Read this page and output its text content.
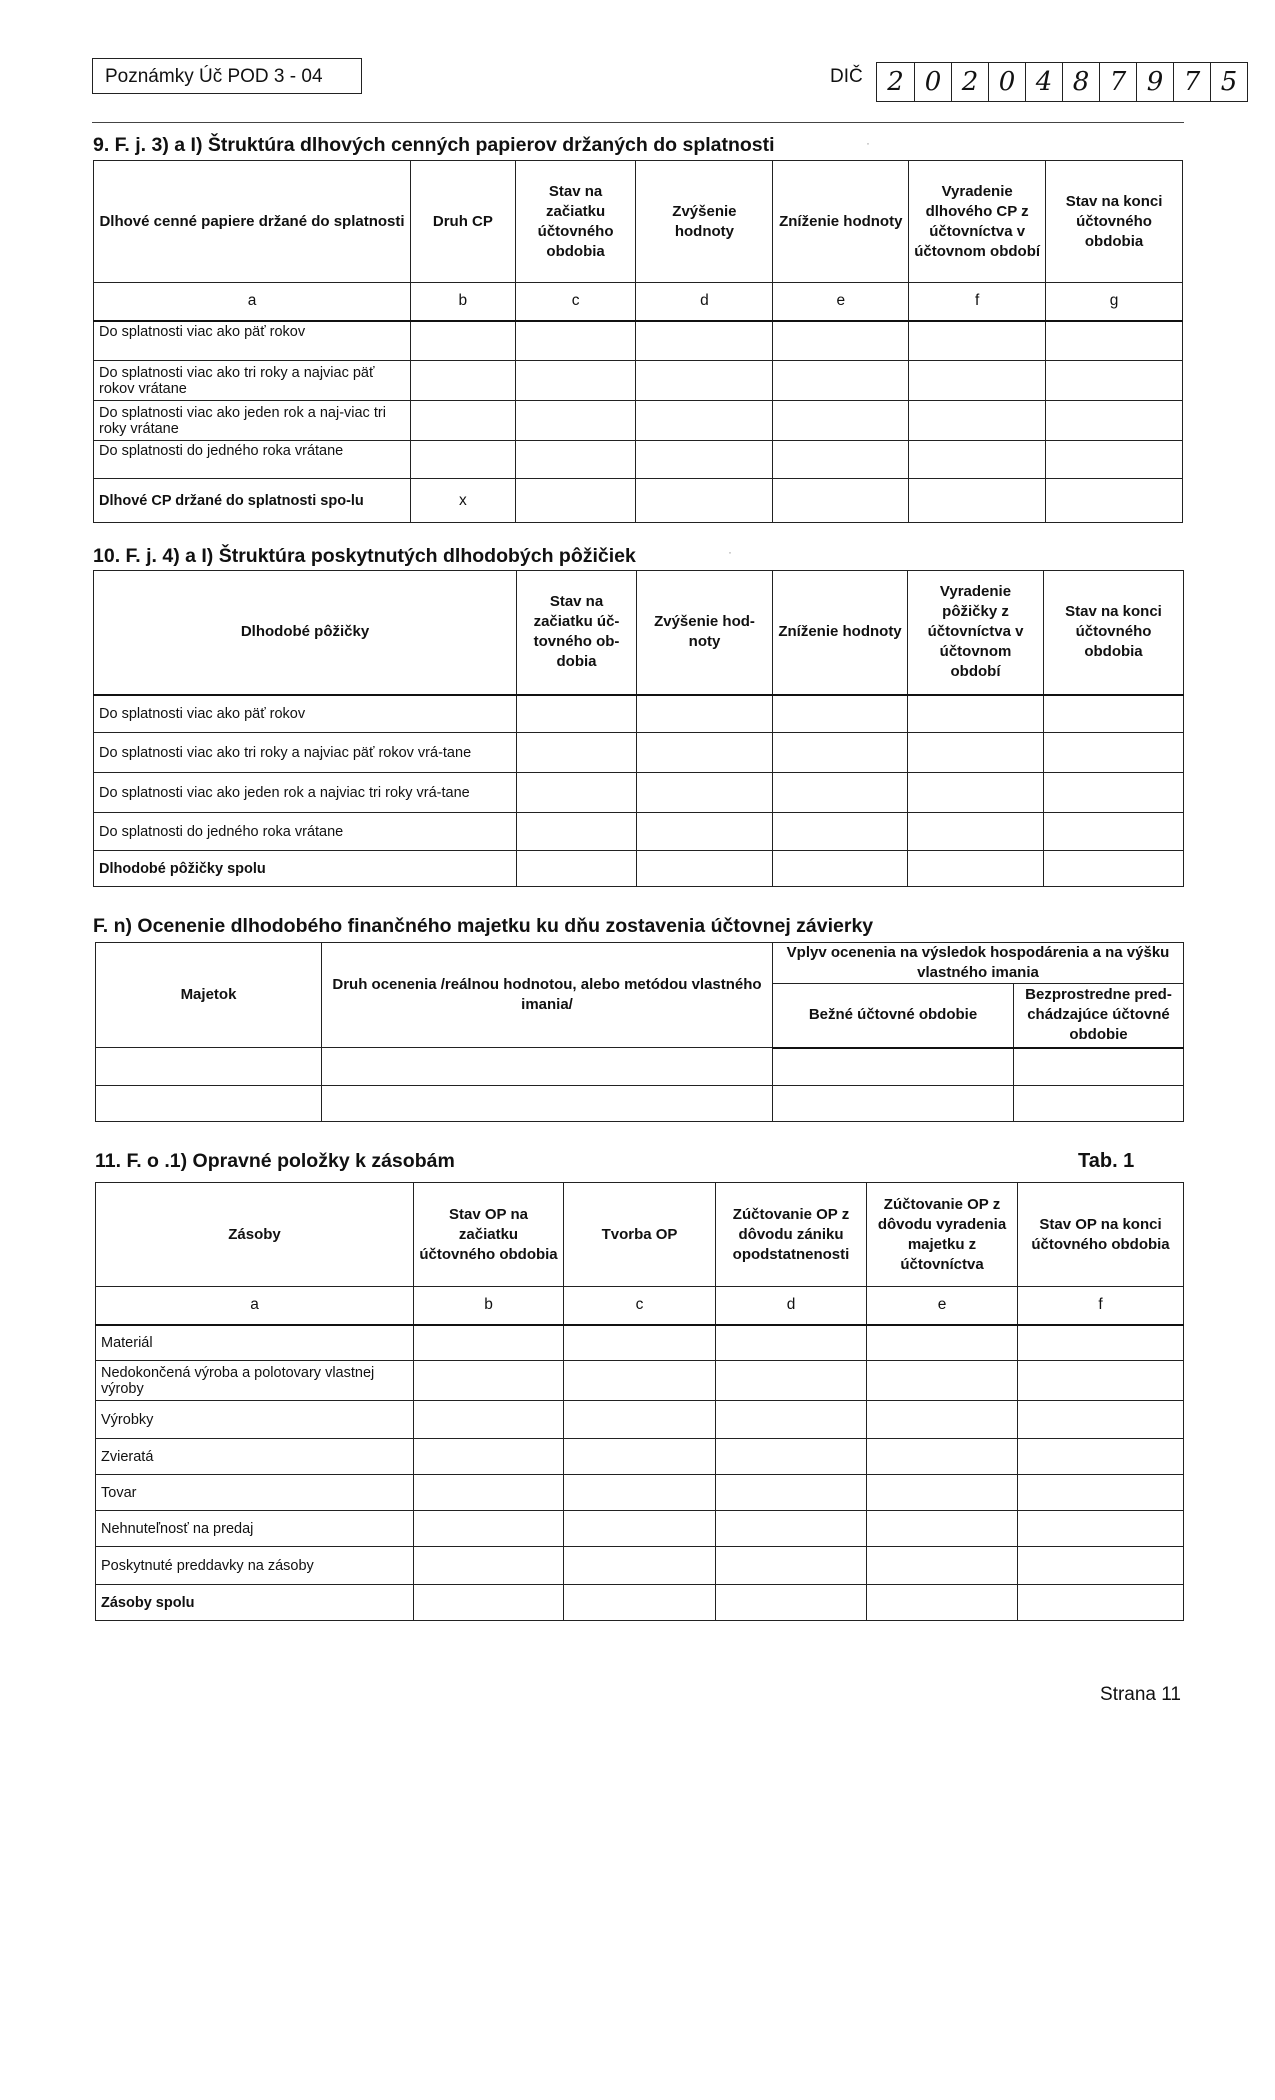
Poznámky Úč POD 3 - 04	DIČ 2 0 2 0 4 8 7 9 7 5
9. F. j. 3) a I) Štruktúra dlhových cenných papierov držaných do splatnosti	·
Dlhové cenné papiere držané do splatnosti	Druh CP	Stav na začiatku účtovného obdobia	Zvýšenie hodnoty	Zníženie hodnoty	Vyradenie dlhového CP z účtovníctva v účtovnom období	Stav na konci účtovného obdobia
a	b	c	d	e	f	g
Do splatnosti viac ako päť rokov						
Do splatnosti viac ako tri roky a najviac päť rokov vrátane						
Do splatnosti viac ako jeden rok a naj-viac tri roky vrátane						
Do splatnosti do jedného roka vrátane						
Dlhové CP držané do splatnosti spo-lu	x					
10. F. j. 4) a I) Štruktúra poskytnutých dlhodobých pôžičiek	·
Dlhodobé pôžičky	Stav na začiatku úč-tovného ob-dobia	Zvýšenie hod-noty	Zníženie hodnoty	Vyradenie pôžičky z účtovníctva v účtovnom období	Stav na konci účtovného obdobia
Do splatnosti viac ako päť rokov					
Do splatnosti viac ako tri roky a najviac päť rokov vrá-tane					
Do splatnosti viac ako jeden rok a najviac tri roky vrá-tane					
Do splatnosti do jedného roka vrátane					
Dlhodobé pôžičky spolu					
F. n) Ocenenie dlhodobého finančného majetku ku dňu zostavenia účtovnej závierky
Majetok	Druh ocenenia /reálnou hodnotou, alebo metódou vlastného imania/	Vplyv ocenenia na výsledok hospodárenia a na výšku vlastného imania	
		Bežné účtovné obdobie	Bezprostredne pred-chádzajúce účtovné obdobie

11. F. o .1) Opravné položky k zásobám	Tab. 1
Zásoby	Stav OP na začiatku účtovného obdobia	Tvorba OP	Zúčtovanie OP z dôvodu zániku opodstatnenosti	Zúčtovanie OP z dôvodu vyradenia majetku z účtovníctva	Stav OP na konci účtovného obdobia
a	b	c	d	e	f
Materiál					
Nedokončená výroba a polotovary vlastnej výroby					
Výrobky					
Zvieratá					
Tovar					
Nehnuteľnosť na predaj					
Poskytnuté preddavky na zásoby					
Zásoby spolu					
Strana 11
